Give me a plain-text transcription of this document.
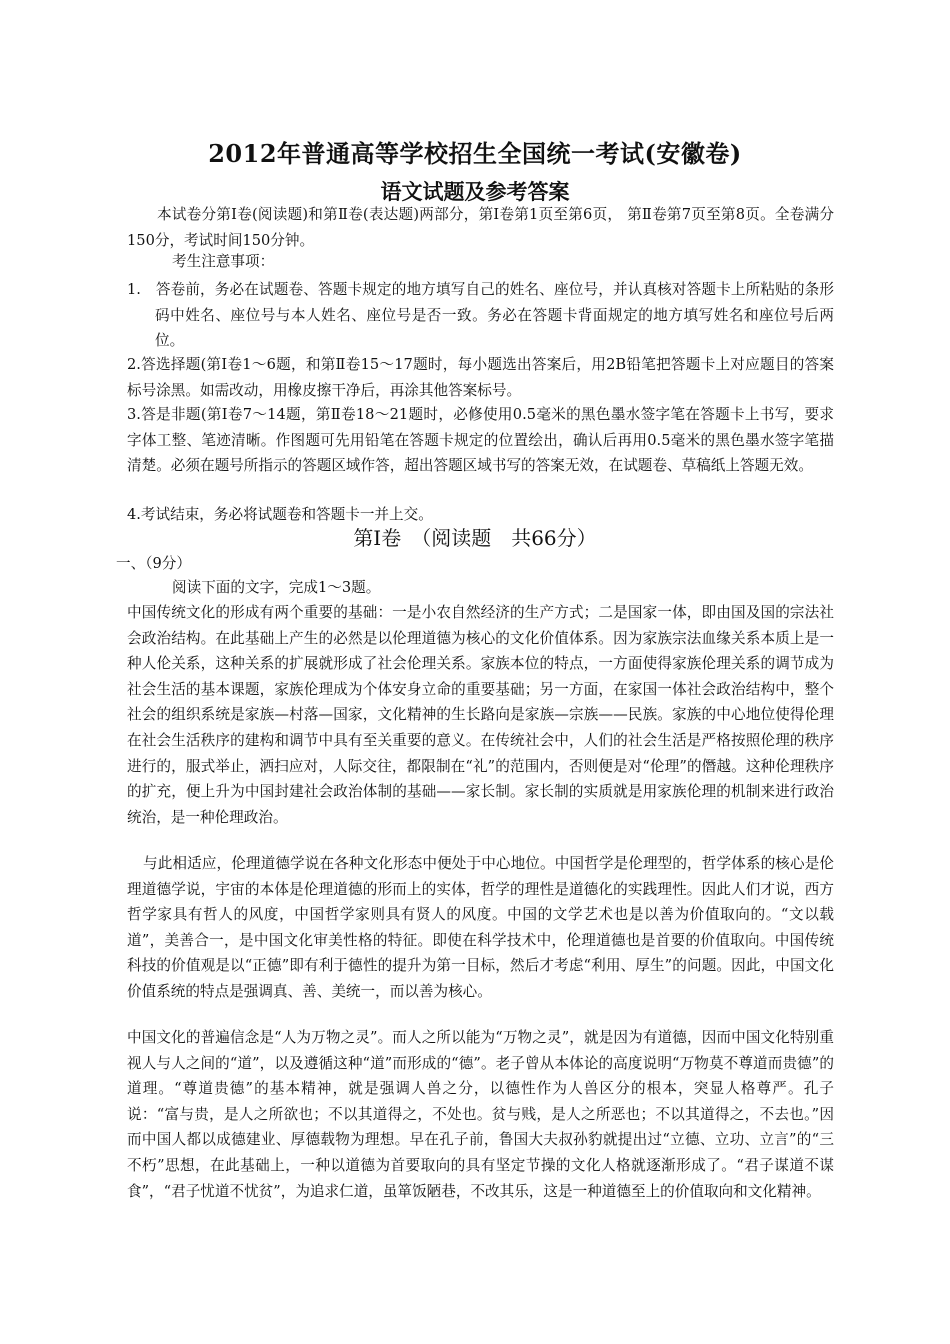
2012年普通高等学校招生全国统一考试(安徽卷)
语文试题及参考答案

本试卷分第Ⅰ卷(阅读题)和第Ⅱ卷(表达题)两部分，第Ⅰ卷第1页至第6页， 第Ⅱ卷第7页至第8页。全卷满分150分，考试时间150分钟。

考生注意事项：

1.　答卷前，务必在试题卷、答题卡规定的地方填写自己的姓名、座位号，并认真核对答题卡上所粘贴的条形码中姓名、座位号与本人姓名、座位号是否一致。务必在答题卡背面规定的地方填写姓名和座位号后两位。

2.答选择题(第Ⅰ卷1～6题，和第Ⅱ卷15～17题时，每小题选出答案后，用2B铅笔把答题卡上对应题目的答案标号涂黑。如需改动，用橡皮擦干净后，再涂其他答案标号。

3.答是非题(第Ⅰ卷7～14题，第Ⅱ卷18～21题时，必修使用0.5毫米的黑色墨水签字笔在答题卡上书写，要求字体工整、笔迹清晰。作图题可先用铅笔在答题卡规定的位置绘出，确认后再用0.5毫米的黑色墨水签字笔描清楚。必须在题号所指示的答题区域作答，超出答题区域书写的答案无效，在试题卷、草稿纸上答题无效。

4.考试结束，务必将试题卷和答题卡一并上交。

第Ⅰ卷　（阅读题　共66分）

一、（9分）

阅读下面的文字，完成1～3题。

中国传统文化的形成有两个重要的基础：一是小农自然经济的生产方式；二是国家一体，即由国及国的宗法社会政治结构。在此基础上产生的必然是以伦理道德为核心的文化价值体系。因为家族宗法血缘关系本质上是一种人伦关系，这种关系的扩展就形成了社会伦理关系。家族本位的特点，一方面使得家族伦理关系的调节成为社会生活的基本课题，家族伦理成为个体安身立命的重要基础；另一方面，在家国一体社会政治结构中，整个社会的组织系统是家族—村落—国家，文化精神的生长路向是家族—宗族——民族。家族的中心地位使得伦理在社会生活秩序的建构和调节中具有至关重要的意义。在传统社会中，人们的社会生活是严格按照伦理的秩序进行的，服式举止，洒扫应对，人际交往，都限制在“礼”的范围内，否则便是对“伦理”的僭越。这种伦理秩序的扩充，便上升为中国封建社会政治体制的基础——家长制。家长制的实质就是用家族伦理的机制来进行政治统治，是一种伦理政治。

与此相适应，伦理道德学说在各种文化形态中便处于中心地位。中国哲学是伦理型的，哲学体系的核心是伦理道德学说，宇宙的本体是伦理道德的形而上的实体，哲学的理性是道德化的实践理性。因此人们才说，西方哲学家具有哲人的风度，中国哲学家则具有贤人的风度。中国的文学艺术也是以善为价值取向的。“文以载道”，美善合一，是中国文化审美性格的特征。即使在科学技术中，伦理道德也是首要的价值取向。中国传统科技的价值观是以“正德”即有利于德性的提升为第一目标，然后才考虑“利用、厚生”的问题。因此，中国文化价值系统的特点是强调真、善、美统一，而以善为核心。

中国文化的普遍信念是“人为万物之灵”。而人之所以能为“万物之灵”，就是因为有道德，因而中国文化特别重视人与人之间的“道”，以及遵循这种“道”而形成的“德”。老子曾从本体论的高度说明“万物莫不尊道而贵德”的道理。“尊道贵德”的基本精神，就是强调人兽之分，以德性作为人兽区分的根本，突显人格尊严。孔子说：“富与贵，是人之所欲也；不以其道得之，不处也。贫与贱，是人之所恶也；不以其道得之，不去也。”因而中国人都以成德建业、厚德载物为理想。早在孔子前，鲁国大夫叔孙豹就提出过“立德、立功、立言”的“三不朽”思想，在此基础上，一种以道德为首要取向的具有坚定节操的文化人格就逐渐形成了。“君子谋道不谋食”，“君子忧道不忧贫”，为追求仁道，虽箪饭陋巷，不改其乐，这是一种道德至上的价值取向和文化精神。
